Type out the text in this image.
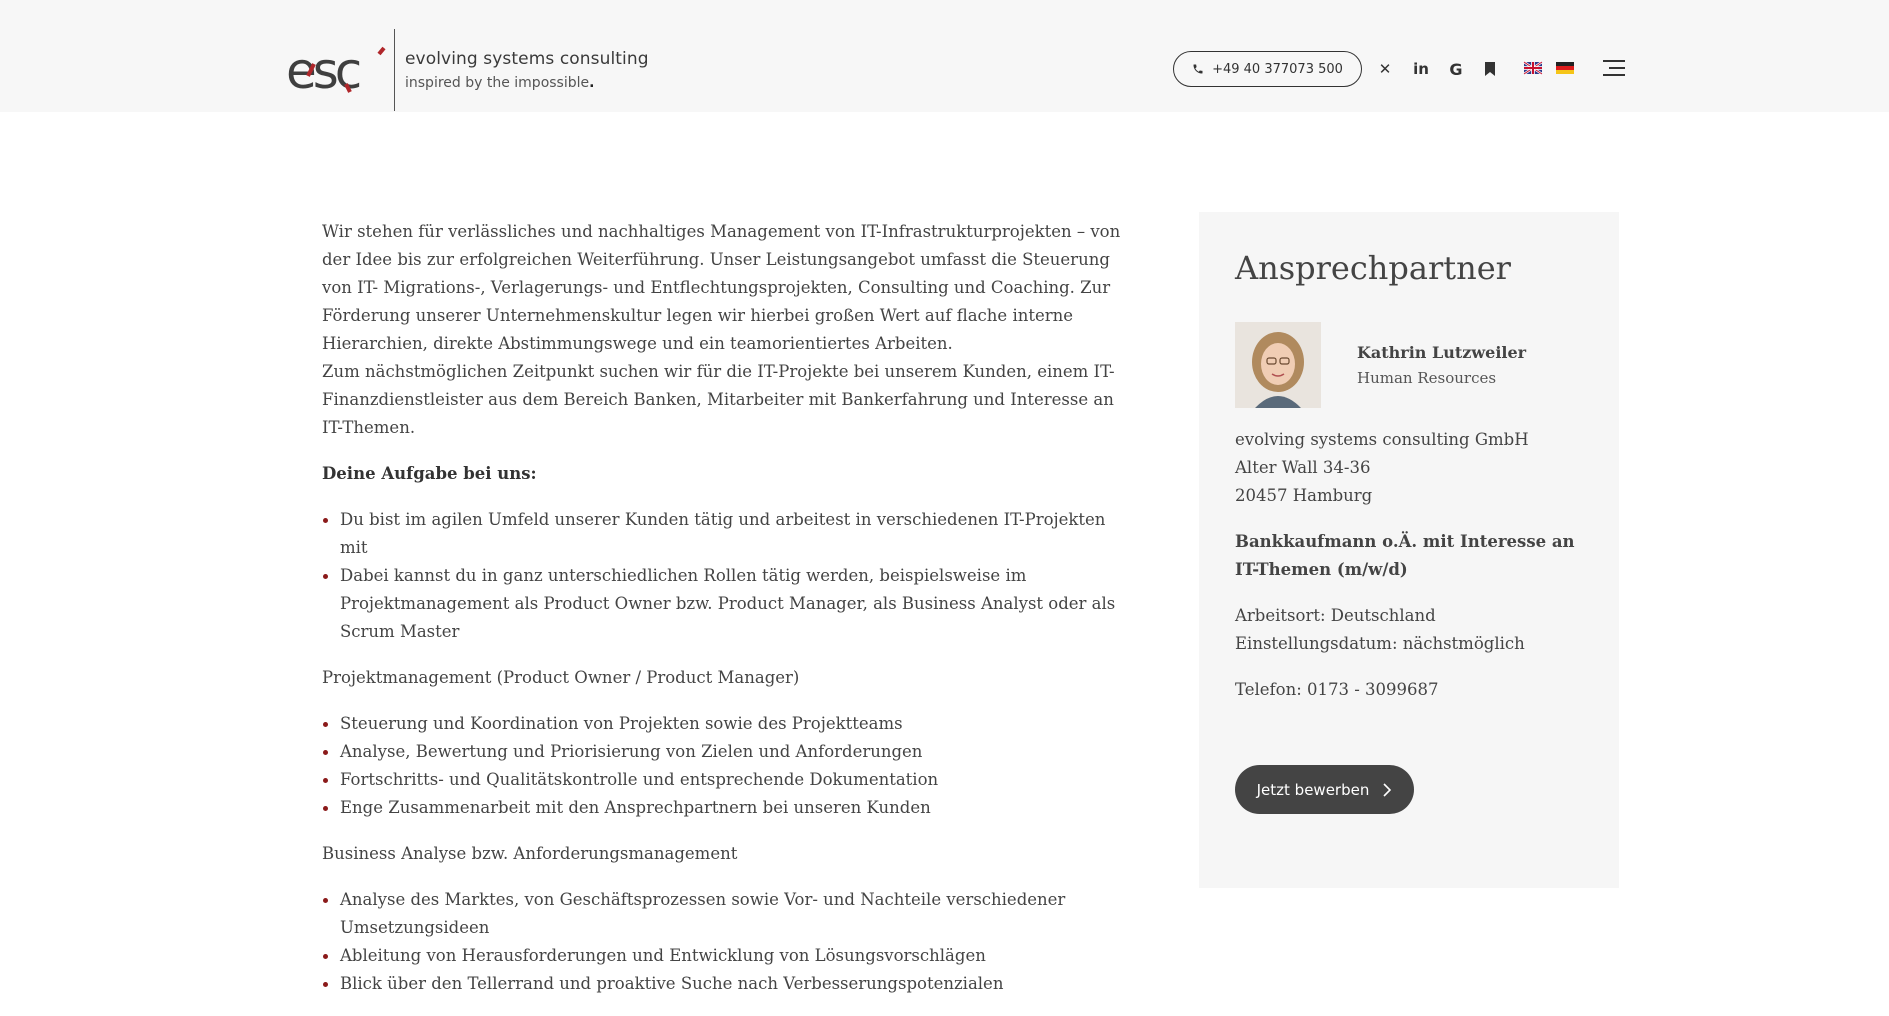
esc	evolving systems consulting
inspired by the impossible.
+49 40 377073 500 ✕ in G

Wir stehen für verlässliches und nachhaltiges Management von IT-Infrastrukturprojekten – von der Idee bis zur erfolgreichen Weiterführung. Unser Leistungsangebot umfasst die Steuerung von IT- Migrations-, Verlagerungs- und Entflechtungsprojekten, Consulting und Coaching. Zur Förderung unserer Unternehmenskultur legen wir hierbei großen Wert auf flache interne Hierarchien, direkte Abstimmungswege und ein teamorientiertes Arbeiten.
Zum nächstmöglichen Zeitpunkt suchen wir für die IT-Projekte bei unserem Kunden, einem IT-Finanzdienstleister aus dem Bereich Banken, Mitarbeiter mit Bankerfahrung und Interesse an IT-Themen.

Deine Aufgabe bei uns:
Du bist im agilen Umfeld unserer Kunden tätig und arbeitest in verschiedenen IT-Projekten mit
Dabei kannst du in ganz unterschiedlichen Rollen tätig werden, beispielsweise im Projektmanagement als Product Owner bzw. Product Manager, als Business Analyst oder als Scrum Master

Projektmanagement (Product Owner / Product Manager)

Steuerung und Koordination von Projekten sowie des Projektteams
Analyse, Bewertung und Priorisierung von Zielen und Anforderungen
Fortschritts- und Qualitätskontrolle und entsprechende Dokumentation
Enge Zusammenarbeit mit den Ansprechpartnern bei unseren Kunden

Business Analyse bzw. Anforderungsmanagement

Analyse des Marktes, von Geschäftsprozessen sowie Vor- und Nachteile verschiedener Umsetzungsideen
Ableitung von Herausforderungen und Entwicklung von Lösungsvorschlägen
Blick über den Tellerrand und proaktive Suche nach Verbesserungspotenzialen
Ansprechpartner
Kathrin Lutzweiler
Human Resources
evolving systems consulting GmbH
Alter Wall 34-36
20457 Hamburg
Bankkaufmann o.Ä. mit Interesse an IT-Themen (m/w/d)
Arbeitsort: Deutschland
Einstellungsdatum: nächstmöglich
Telefon: 0173 - 3099687
Jetzt bewerben
